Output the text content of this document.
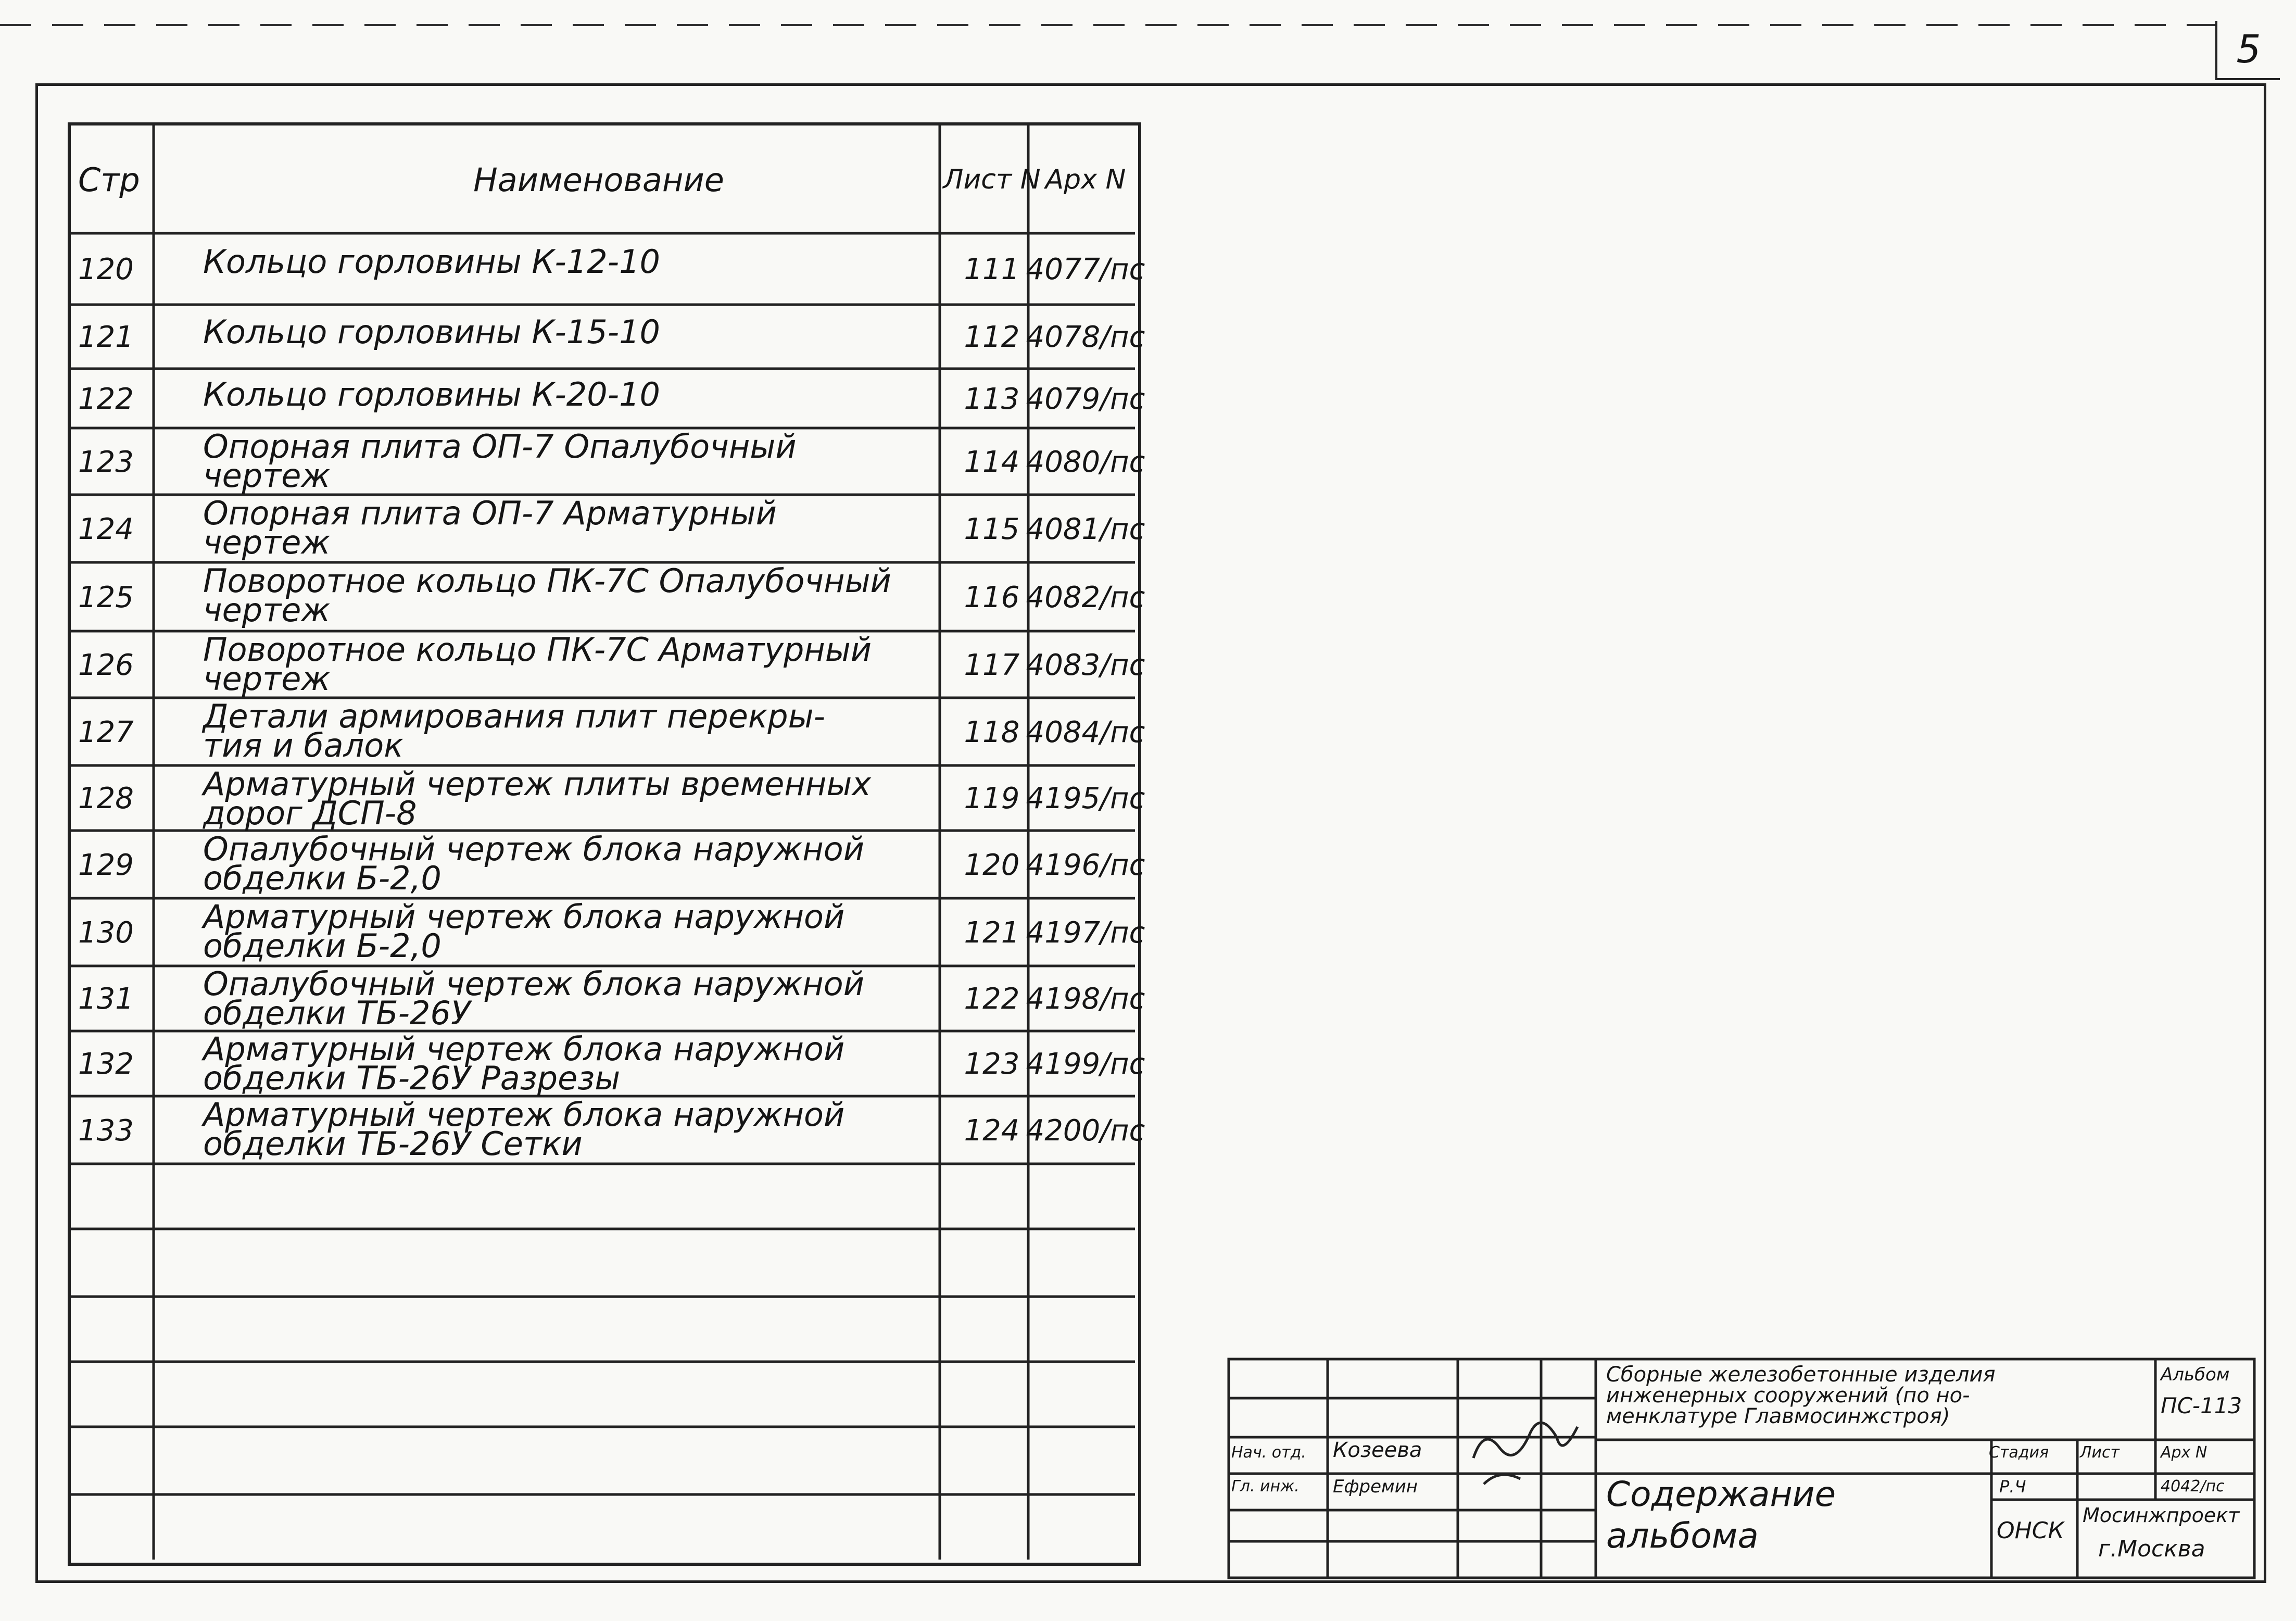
5
Стр	Наименование	Лист N Арх N
120	Кольцо горловины К-12-10	111 4077/пс
121	Кольцо горловины К-15-10	112 4078/пс
122	Кольцо горловины К-20-10	113 4079/пс
123	Опорная плита ОП-7 Опалубочный
чертеж	114 4080/пс
124	Опорная плита ОП-7 Арматурный
чертеж	115 4081/пс
125	Поворотное кольцо ПК-7С Опалубочный
чертеж	116 4082/пс
126	Поворотное кольцо ПК-7С Арматурный
чертеж	117 4083/пс
127	Детали армирования плит перекры-
тия и балок	118 4084/пс
128	Арматурный чертеж плиты временных
дорог ДСП-8	119 4195/пс
129	Опалубочный чертеж блока наружной
обделки Б-2,0	120 4196/пс
130	Арматурный чертеж блока наружной
обделки Б-2,0	121 4197/пс
131	Опалубочный чертеж блока наружной
обделки ТБ-26У	122 4198/пс
132	Арматурный чертеж блока наружной
обделки ТБ-26У Разрезы	123 4199/пс
133	Арматурный чертеж блока наружной
обделки ТБ-26У Сетки	124 4200/пс
Сборные железобетонные изделия
инженерных сооружений (по но-
менклатуре Главмосинжстроя)
Альбом
ПС-113
Стадия	Лист	Арх N
Р.Ч	4042/пс
Содержание альбома	ОНСК
Мосинжпроект
г.Москва
Нач. отд.	Козеева
Гл. инж.	Ефремин
